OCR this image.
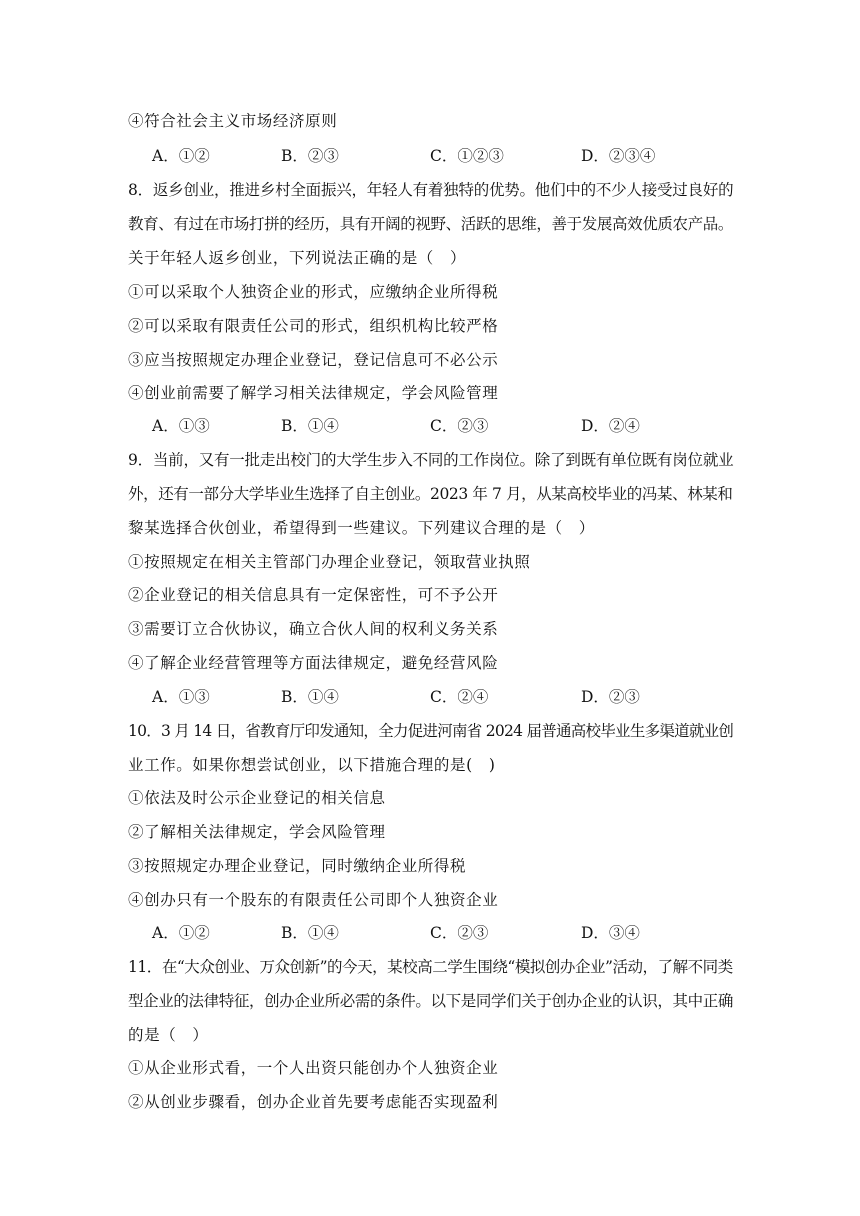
④符合社会主义市场经济原则
A．①②	B．②③	C．①②③	D．②③④
8．返乡创业，推进乡村全面振兴，年轻人有着独特的优势。他们中的不少人接受过良好的
教育、有过在市场打拼的经历，具有开阔的视野、活跃的思维，善于发展高效优质农产品。
关于年轻人返乡创业，下列说法正确的是（　）
①可以采取个人独资企业的形式，应缴纳企业所得税
②可以采取有限责任公司的形式，组织机构比较严格
③应当按照规定办理企业登记，登记信息可不必公示
④创业前需要了解学习相关法律规定，学会风险管理
A．①③	B．①④	C．②③	D．②④
9．当前，又有一批走出校门的大学生步入不同的工作岗位。除了到既有单位既有岗位就业
外，还有一部分大学毕业生选择了自主创业。2023 年 7 月，从某高校毕业的冯某、林某和
黎某选择合伙创业，希望得到一些建议。下列建议合理的是（　）
①按照规定在相关主管部门办理企业登记，领取营业执照
②企业登记的相关信息具有一定保密性，可不予公开
③需要订立合伙协议，确立合伙人间的权利义务关系
④了解企业经营管理等方面法律规定，避免经营风险
A．①③	B．①④	C．②④	D．②③
10．3 月 14 日，省教育厅印发通知，全力促进河南省 2024 届普通高校毕业生多渠道就业创
业工作。如果你想尝试创业，以下措施合理的是(　)
①依法及时公示企业登记的相关信息
②了解相关法律规定，学会风险管理
③按照规定办理企业登记，同时缴纳企业所得税
④创办只有一个股东的有限责任公司即个人独资企业
A．①②	B．①④	C．②③	D．③④
11．在“大众创业、万众创新”的今天，某校高二学生围绕“模拟创办企业”活动，了解不同类
型企业的法律特征，创办企业所必需的条件。以下是同学们关于创办企业的认识，其中正确
的是（　）
①从企业形式看，一个人出资只能创办个人独资企业
②从创业步骤看，创办企业首先要考虑能否实现盈利
